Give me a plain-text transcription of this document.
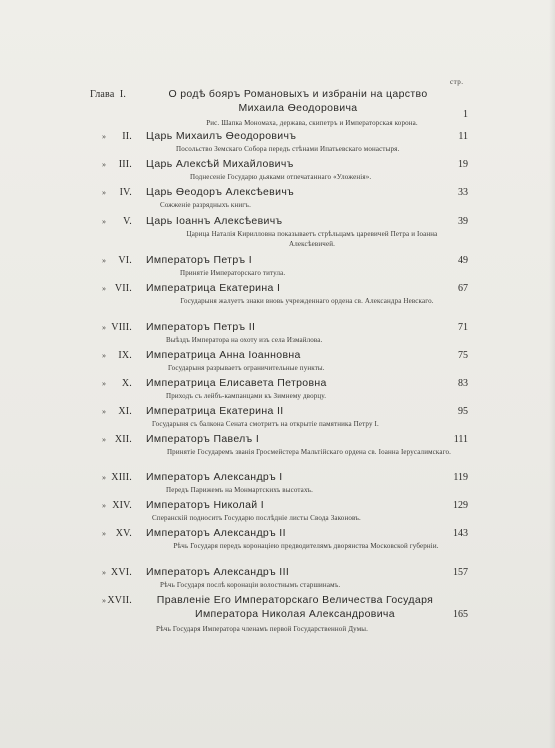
стр.
Глава I.	О родѣ бояръ Романовыхъ и избраніи на царство Михаила Ѳеодоровича
1
Рис. Шапка Мономаха, держава, скипетръ и Императорская корона.
»	II. Царь Михаилъ Ѳеодоровичъ	11
Посольство Земскаго Собора передъ стѣнами Ипатьевскаго монастыря.
»	III. Царь Алексѣй Михайловичъ	19
Поднесеніе Государю дьяками отпечатаннаго «Уложенія».
»	IV. Царь Ѳеодоръ Алексѣевичъ	33
Сожженіе разрядныхъ книгъ.
»	V. Царь Іоаннъ Алексѣевичъ	39
Царица Наталія Кирилловна показываетъ стрѣльцамъ царевичей Петра и Іоанна Алексѣевичей.
»	VI. Императоръ Петръ I	49
Принятіе Императорскаго титула.
» VII. Императрица Екатерина I	67
Государыня жалуетъ знаки вновь учрежденнаго ордена св. Александра Невскаго.
» VIII. Императоръ Петръ II	71
Выѣздъ Императора на охоту изъ села Измайлова.
»	IX. Императрица Анна Іоанновна	75
Государыня разрываетъ ограничительные пункты.
»	X. Императрица Елисавета Петровна	83
Приходъ съ лейбъ-кампанцами къ Зимнему дворцу.
»	XI. Императрица Екатерина II	95
Государыня съ балкона Сената смотритъ на открытіе памятника Петру I.
» XII. Императоръ Павелъ I	111
Принятіе Государемъ званія Гросмейстера Мальтійскаго ордена св. Іоанна Іерусалимскаго.
» XIII. Императоръ Александръ I	119
Передъ Парижемъ на Монмартскихъ высотахъ.
» XIV. Императоръ Николай I	129
Сперанскій подноситъ Государю послѣдніе листы Свода Законовъ.
» XV. Императоръ Александръ II	143
Рѣчь Государя передъ коронаціею предводителямъ дворянства Московской губерніи.
» XVI. Императоръ Александръ III	157
Рѣчь Государя послѣ коронаціи волостнымъ старшинамъ.
» XVII.	Правленіе Его Императорскаго Величества Государя Императора Николая Александровича	165
Рѣчь Государя Императора членамъ первой Государственной Думы.
